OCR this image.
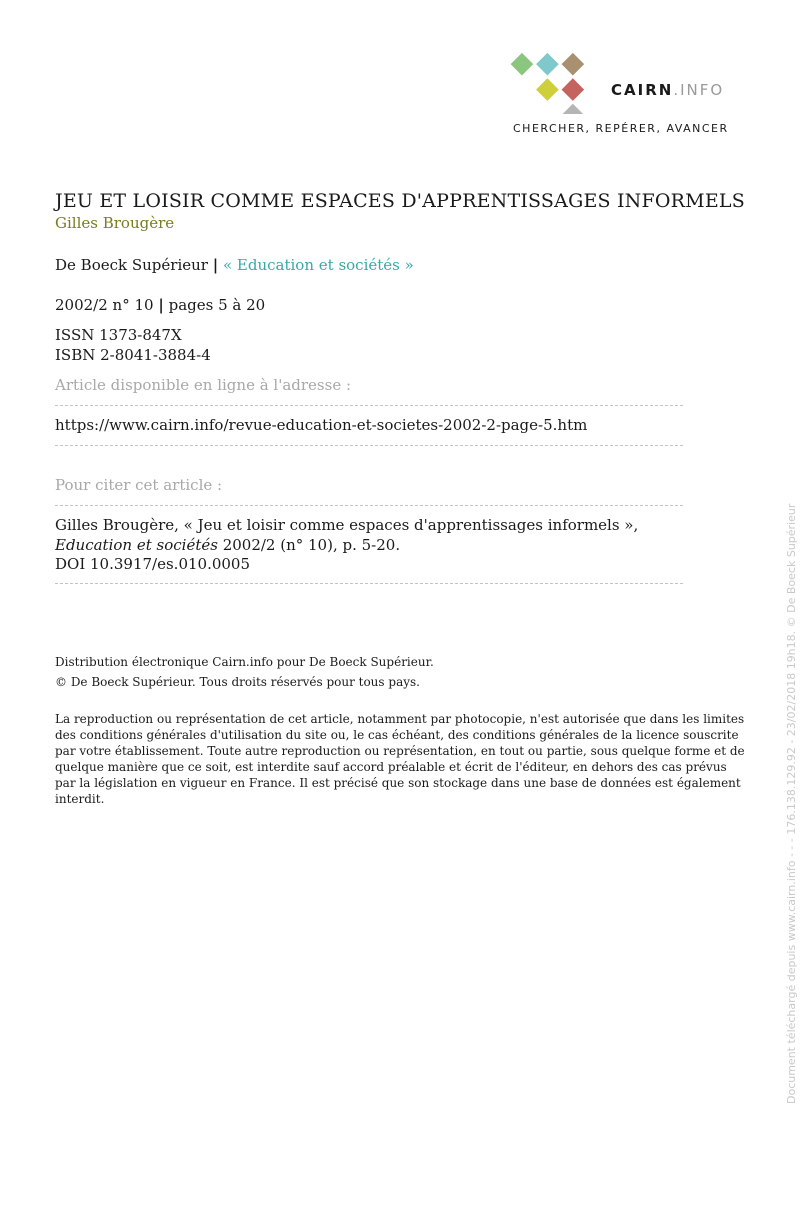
CAIRN.INFO
CHERCHER, REPÉRER, AVANCER
JEU ET LOISIR COMME ESPACES D'APPRENTISSAGES INFORMELS
Gilles Brougère
De Boeck Supérieur | « Education et sociétés »
2002/2 n° 10 | pages 5 à 20
ISSN 1373-847X
ISBN 2-8041-3884-4
Article disponible en ligne à l'adresse :
https://www.cairn.info/revue-education-et-societes-2002-2-page-5.htm
Pour citer cet article :
Gilles Brougère, « Jeu et loisir comme espaces d'apprentissages informels »,
Education et sociétés 2002/2 (n° 10), p. 5-20.
DOI 10.3917/es.010.0005
Distribution électronique Cairn.info pour De Boeck Supérieur.
© De Boeck Supérieur. Tous droits réservés pour tous pays.
La reproduction ou représentation de cet article, notamment par photocopie, n'est autorisée que dans les limites des conditions générales d'utilisation du site ou, le cas échéant, des conditions générales de la licence souscrite par votre établissement. Toute autre reproduction ou représentation, en tout ou partie, sous quelque forme et de quelque manière que ce soit, est interdite sauf accord préalable et écrit de l'éditeur, en dehors des cas prévus par la législation en vigueur en France. Il est précisé que son stockage dans une base de données est également interdit.	Document téléchargé depuis www.cairn.info - - - 176.138.129.92 - 23/02/2018 19h18. © De Boeck Supérieur
